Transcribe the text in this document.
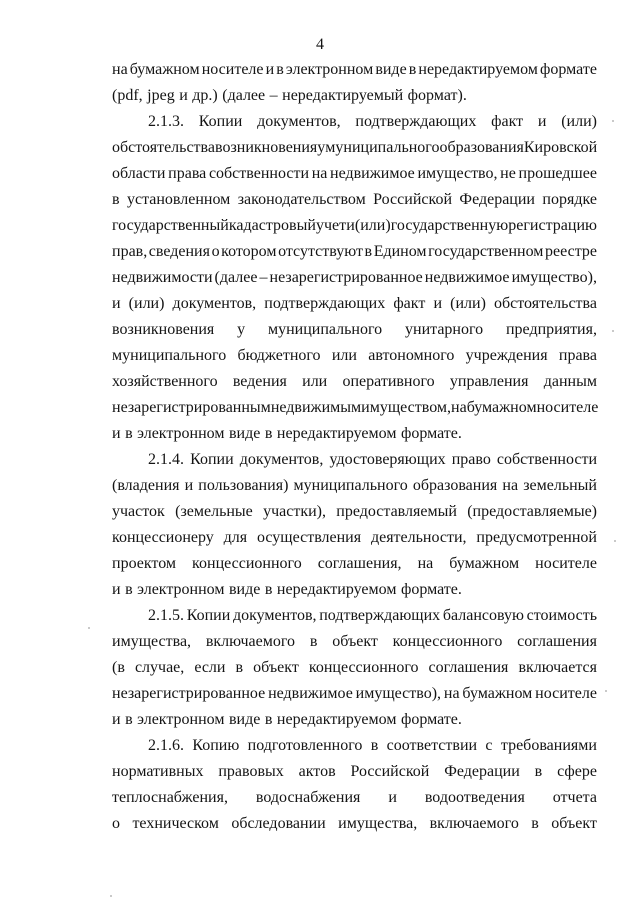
4
на бумажном носителе и в электронном виде в нередактируемом формате
(pdf, jpeg и др.) (далее – нередактируемый формат).
2.1.3. Копии документов, подтверждающих факт и (или)
обстоятельства возникновения у муниципального образования Кировской
области права собственности на недвижимое имущество, не прошедшее
в установленном законодательством Российской Федерации порядке
государственный кадастровый учет и (или) государственную регистрацию
прав, сведения о котором отсутствуют в Едином государственном реестре
недвижимости (далее – незарегистрированное недвижимое имущество),
и (или) документов, подтверждающих факт и (или) обстоятельства
возникновения у муниципального унитарного предприятия,
муниципального бюджетного или автономного учреждения права
хозяйственного ведения или оперативного управления данным
незарегистрированным недвижимым имуществом, на бумажном носителе
и в электронном виде в нередактируемом формате.
2.1.4. Копии документов, удостоверяющих право собственности
(владения и пользования) муниципального образования на земельный
участок (земельные участки), предоставляемый (предоставляемые)
концессионеру для осуществления деятельности, предусмотренной
проектом концессионного соглашения, на бумажном носителе
и в электронном виде в нередактируемом формате.
2.1.5. Копии документов, подтверждающих балансовую стоимость
имущества, включаемого в объект концессионного соглашения
(в случае, если в объект концессионного соглашения включается
незарегистрированное недвижимое имущество), на бумажном носителе
и в электронном виде в нередактируемом формате.
2.1.6. Копию подготовленного в соответствии с требованиями
нормативных правовых актов Российской Федерации в сфере
теплоснабжения, водоснабжения и водоотведения отчета
о техническом обследовании имущества, включаемого в объект
